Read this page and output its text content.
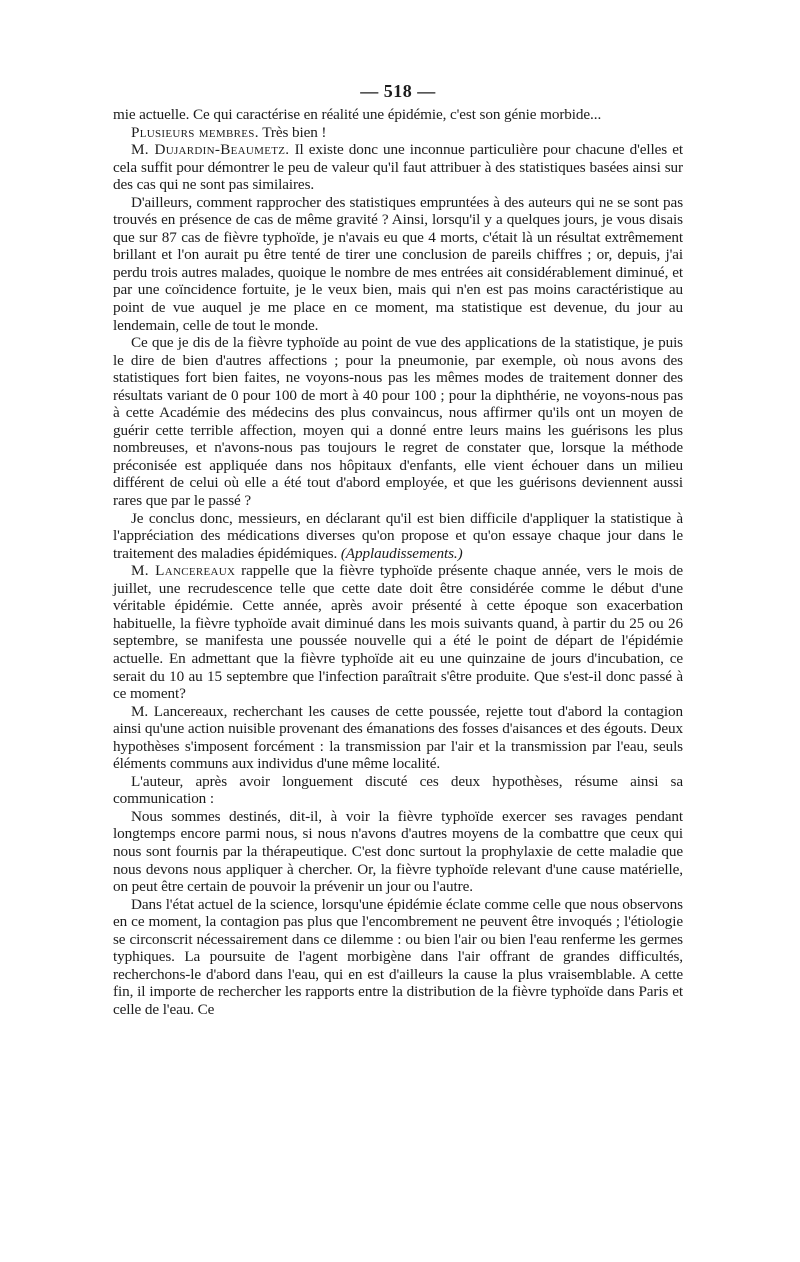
— 518 —

mie actuelle. Ce qui caractérise en réalité une épidémie, c'est son génie morbide...

Plusieurs membres. Très bien !

M. Dujardin-Beaumetz. Il existe donc une inconnue particulière pour chacune d'elles et cela suffit pour démontrer le peu de valeur qu'il faut attribuer à des statistiques basées ainsi sur des cas qui ne sont pas similaires.

D'ailleurs, comment rapprocher des statistiques empruntées à des auteurs qui ne se sont pas trouvés en présence de cas de même gravité ? Ainsi, lorsqu'il y a quelques jours, je vous disais que sur 87 cas de fièvre typhoïde, je n'avais eu que 4 morts, c'était là un résultat extrêmement brillant et l'on aurait pu être tenté de tirer une conclusion de pareils chiffres ; or, depuis, j'ai perdu trois autres malades, quoique le nombre de mes entrées ait considérablement diminué, et par une coïncidence fortuite, je le veux bien, mais qui n'en est pas moins caractéristique au point de vue auquel je me place en ce moment, ma statistique est devenue, du jour au lendemain, celle de tout le monde.

Ce que je dis de la fièvre typhoïde au point de vue des applications de la statistique, je puis le dire de bien d'autres affections ; pour la pneumonie, par exemple, où nous avons des statistiques fort bien faites, ne voyons-nous pas les mêmes modes de traitement donner des résultats variant de 0 pour 100 de mort à 40 pour 100 ; pour la diphthérie, ne voyons-nous pas à cette Académie des médecins des plus convaincus, nous affirmer qu'ils ont un moyen de guérir cette terrible affection, moyen qui a donné entre leurs mains les guérisons les plus nombreuses, et n'avons-nous pas toujours le regret de constater que, lorsque la méthode préconisée est appliquée dans nos hôpitaux d'enfants, elle vient échouer dans un milieu différent de celui où elle a été tout d'abord employée, et que les guérisons deviennent aussi rares que par le passé ?

Je conclus donc, messieurs, en déclarant qu'il est bien difficile d'appliquer la statistique à l'appréciation des médications diverses qu'on propose et qu'on essaye chaque jour dans le traitement des maladies épidémiques. (Applaudissements.)

M. Lancereaux rappelle que la fièvre typhoïde présente chaque année, vers le mois de juillet, une recrudescence telle que cette date doit être considérée comme le début d'une véritable épidémie. Cette année, après avoir présenté à cette époque son exacerbation habituelle, la fièvre typhoïde avait diminué dans les mois suivants quand, à partir du 25 ou 26 septembre, se manifesta une poussée nouvelle qui a été le point de départ de l'épidémie actuelle. En admettant que la fièvre typhoïde ait eu une quinzaine de jours d'incubation, ce serait du 10 au 15 septembre que l'infection paraîtrait s'être produite. Que s'est-il donc passé à ce moment?

M. Lancereaux, recherchant les causes de cette poussée, rejette tout d'abord la contagion ainsi qu'une action nuisible provenant des émanations des fosses d'aisances et des égouts. Deux hypothèses s'imposent forcément : la transmission par l'air et la transmission par l'eau, seuls éléments communs aux individus d'une même localité.

L'auteur, après avoir longuement discuté ces deux hypothèses, résume ainsi sa communication :

Nous sommes destinés, dit-il, à voir la fièvre typhoïde exercer ses ravages pendant longtemps encore parmi nous, si nous n'avons d'autres moyens de la combattre que ceux qui nous sont fournis par la thérapeutique. C'est donc surtout la prophylaxie de cette maladie que nous devons nous appliquer à chercher. Or, la fièvre typhoïde relevant d'une cause matérielle, on peut être certain de pouvoir la prévenir un jour ou l'autre.

Dans l'état actuel de la science, lorsqu'une épidémie éclate comme celle que nous observons en ce moment, la contagion pas plus que l'encombrement ne peuvent être invoqués ; l'étiologie se circonscrit nécessairement dans ce dilemme : ou bien l'air ou bien l'eau renferme les germes typhiques. La poursuite de l'agent morbigène dans l'air offrant de grandes difficultés, recherchons-le d'abord dans l'eau, qui en est d'ailleurs la cause la plus vraisemblable. A cette fin, il importe de rechercher les rapports entre la distribution de la fièvre typhoïde dans Paris et celle de l'eau. Ce
